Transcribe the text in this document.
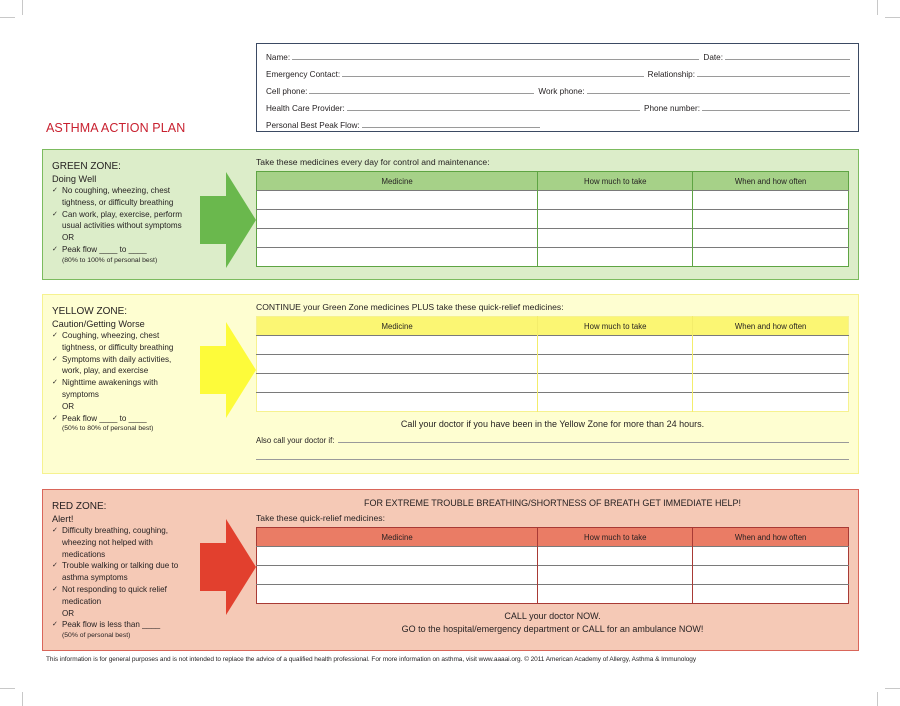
Name:	Date:
Emergency Contact:	Relationship:
Cell phone:	Work phone:
Health Care Provider:	Phone number:
Personal Best Peak Flow:
ASTHMA ACTION PLAN
GREEN ZONE:
Doing Well
✓ No coughing, wheezing, chest
tightness, or difficulty breathing
✓ Can work, play, exercise, perform
usual activities without symptoms
OR
✓ Peak flow ____ to ____
(80% to 100% of personal best)
Take these medicines every day for control and maintenance:
Medicine	How much to take	When and how often

YELLOW ZONE:
Caution/Getting Worse
✓ Coughing, wheezing, chest
tightness, or difficulty breathing
✓ Symptoms with daily activities,
work, play, and exercise
✓ Nighttime awakenings with
symptoms
OR
✓ Peak flow ____ to ____
(50% to 80% of personal best)
CONTINUE your Green Zone medicines PLUS take these quick-relief medicines:
Medicine	How much to take	When and how often

Call your doctor if you have been in the Yellow Zone for more than 24 hours.
Also call your doctor if:
RED ZONE:
Alert!
✓ Difficulty breathing, coughing,
wheezing not helped with
medications
✓ Trouble walking or talking due to
asthma symptoms
✓ Not responding to quick relief
medication
OR
✓ Peak flow is less than ____
(50% of personal best)
FOR EXTREME TROUBLE BREATHING/SHORTNESS OF BREATH GET IMMEDIATE HELP!
Take these quick-relief medicines:
Medicine	How much to take	When and how often

CALL your doctor NOW.
GO to the hospital/emergency department or CALL for an ambulance NOW!
This information is for general purposes and is not intended to replace the advice of a qualified health professional. For more information on asthma, visit www.aaaai.org. © 2011 American Academy of Allergy, Asthma & Immunology
